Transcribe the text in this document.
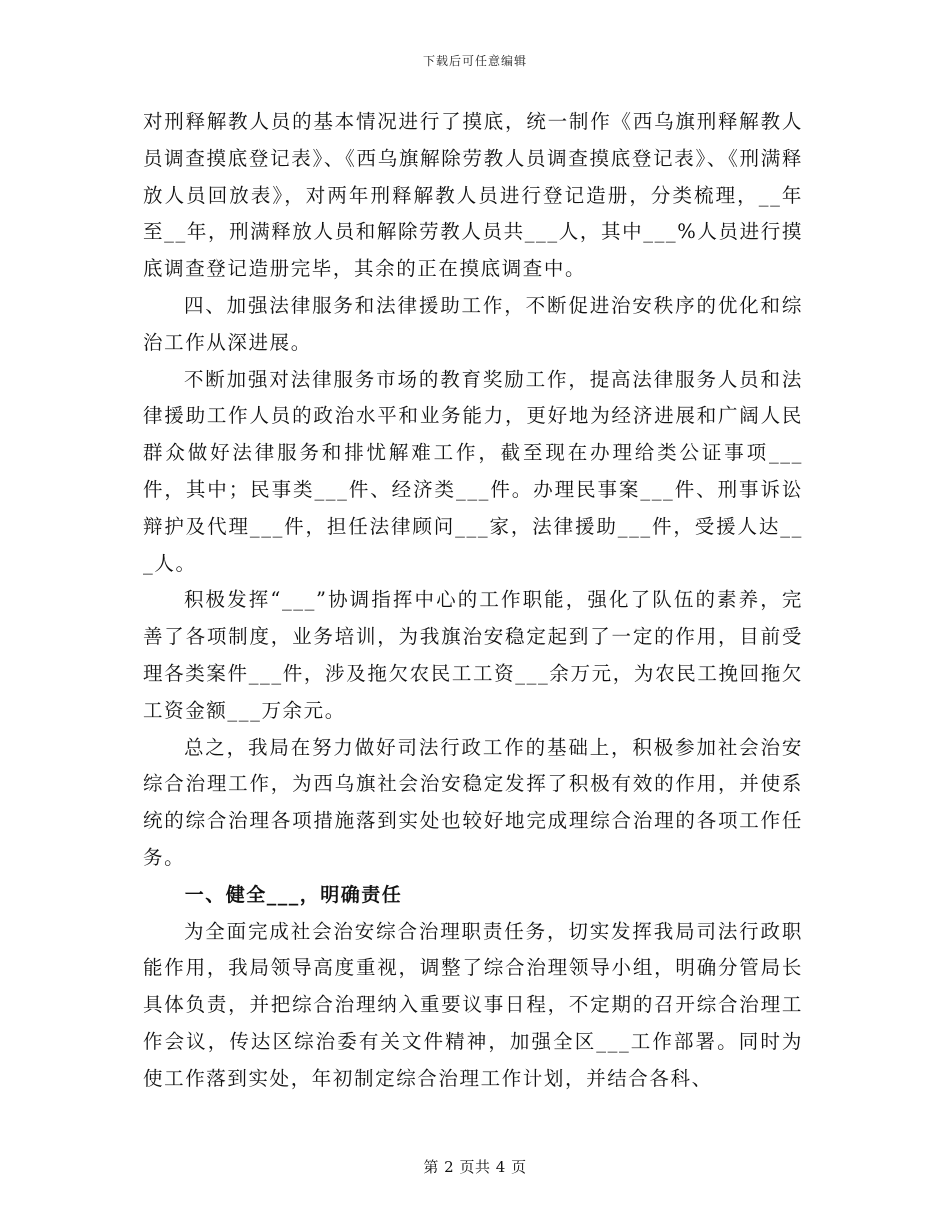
下载后可任意编辑

对刑释解教人员的基本情况进行了摸底，统一制作《西乌旗刑释解教人员调查摸底登记表》、《西乌旗解除劳教人员调查摸底登记表》、《刑满释放人员回放表》，对两年刑释解教人员进行登记造册，分类梳理，__年至__年，刑满释放人员和解除劳教人员共___人，其中___%人员进行摸底调查登记造册完毕，其余的正在摸底调查中。

四、加强法律服务和法律援助工作，不断促进治安秩序的优化和综治工作从深进展。

不断加强对法律服务市场的教育奖励工作，提高法律服务人员和法律援助工作人员的政治水平和业务能力，更好地为经济进展和广阔人民群众做好法律服务和排忧解难工作，截至现在办理给类公证事项___件，其中；民事类___件、经济类___件。办理民事案___件、刑事诉讼辩护及代理___件，担任法律顾问___家，法律援助___件，受援人达___人。

积极发挥“___”协调指挥中心的工作职能，强化了队伍的素养，完善了各项制度，业务培训，为我旗治安稳定起到了一定的作用，目前受理各类案件___件，涉及拖欠农民工工资___余万元，为农民工挽回拖欠工资金额___万余元。

总之，我局在努力做好司法行政工作的基础上，积极参加社会治安综合治理工作，为西乌旗社会治安稳定发挥了积极有效的作用，并使系统的综合治理各项措施落到实处也较好地完成理综合治理的各项工作任务。

一、健全___，明确责任

为全面完成社会治安综合治理职责任务，切实发挥我局司法行政职能作用，我局领导高度重视，调整了综合治理领导小组，明确分管局长具体负责，并把综合治理纳入重要议事日程，不定期的召开综合治理工作会议，传达区综治委有关文件精神，加强全区___工作部署。同时为使工作落到实处，年初制定综合治理工作计划，并结合各科、

第 2 页共 4 页
